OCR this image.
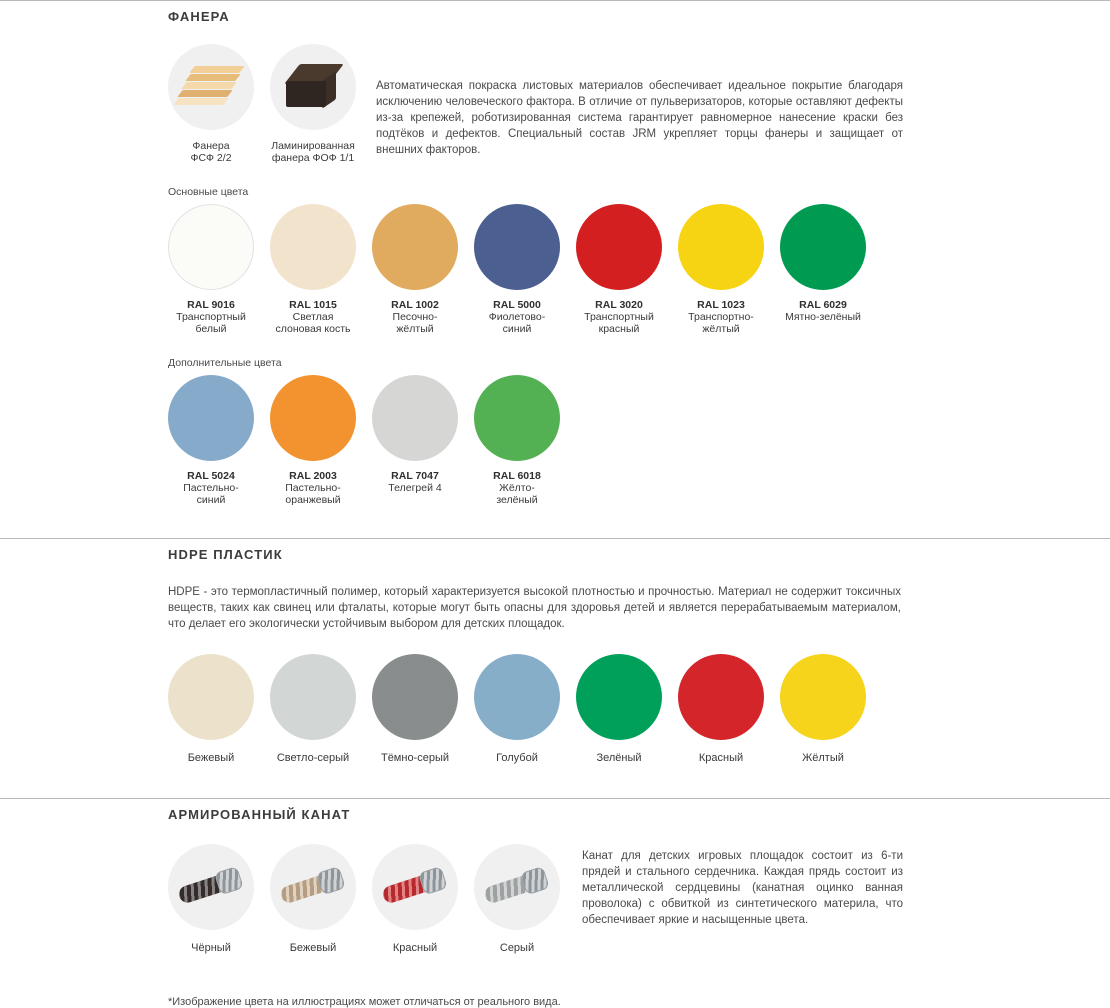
ФАНЕРА
Фанера
ФСФ 2/2
Ламинированная
фанера ФОФ 1/1
Автоматическая покраска листовых материалов обеспечивает идеальное покрытие благодаря исключению человеческого фактора. В отличие от пульверизаторов, которые оставляют дефекты из-за крепежей, роботизированная система гарантирует равномерное нанесение краски без подтёков и дефектов. Специальный состав JRM укрепляет торцы фанеры и защищает от внешних факторов.
Основные цвета
RAL 9016
Транспортный
белый
RAL 1015
Светлая
слоновая кость
RAL 1002
Песочно-
жёлтый
RAL 5000
Фиолетово-
синий
RAL 3020
Транспортный
красный
RAL 1023
Транспортно-
жёлтый
RAL 6029
Мятно-зелёный
Дополнительные цвета
RAL 5024
Пастельно-
синий
RAL 2003
Пастельно-
оранжевый
RAL 7047
Телегрей 4
RAL 6018
Жёлто-
зелёный
HDPE ПЛАСТИК
HDPE - это термопластичный полимер, который характеризуется высокой плотностью и прочностью. Материал не содержит токсичных веществ, таких как свинец или фталаты, которые могут быть опасны для здоровья детей и является перерабатываемым материалом, что делает его экологически устойчивым выбором для детских площадок.
Бежевый	Светло-серый	Тёмно-серый	Голубой	Зелёный	Красный	Жёлтый
АРМИРОВАННЫЙ КАНАТ
Чёрный	Бежевый	Красный	Серый
Канат для детских игровых площадок состоит из 6-ти прядей и стального сердечника. Каждая прядь состоит из металлической сердцевины (канатная оцинко ванная проволока) с обвиткой из синтетического материла, что обеспечивает яркие и насыщенные цвета.
*Изображение цвета на иллюстрациях может отличаться от реального вида.
